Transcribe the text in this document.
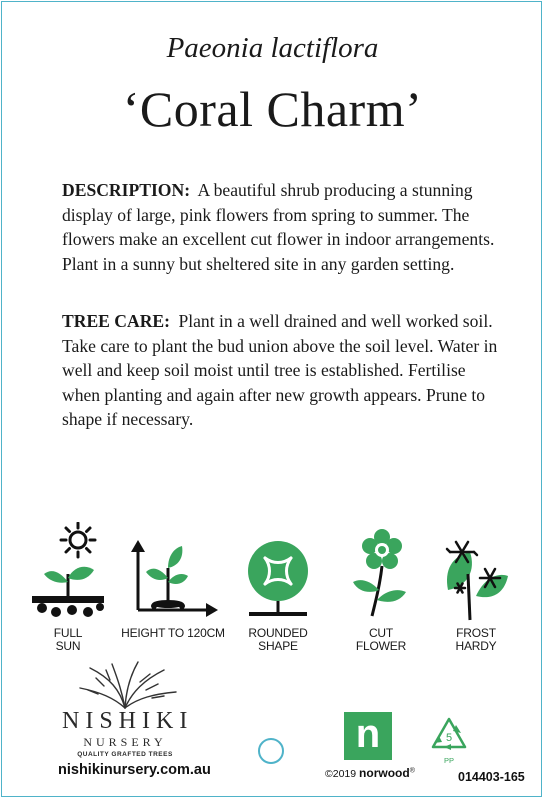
Paeonia lactiflora
‘Coral Charm’
DESCRIPTION: A beautiful shrub producing a stunning display of large, pink flowers from spring to summer. The flowers make an excellent cut flower in indoor arrangements. Plant in a sunny but sheltered site in any garden setting.
TREE CARE: Plant in a well drained and well worked soil. Take care to plant the bud union above the soil level. Water in well and keep soil moist until tree is established. Fertilise when planting and again after new growth appears. Prune to shape if necessary.
FULL
SUN
HEIGHT TO 120CM	ROUNDED
SHAPE
CUT
FLOWER
FROST
HARDY
NISHIKI
NURSERY
QUALITY GRAFTED TREES
nishikinursery.com.au
n
©2019 norwood®
5
PP
014403-165
